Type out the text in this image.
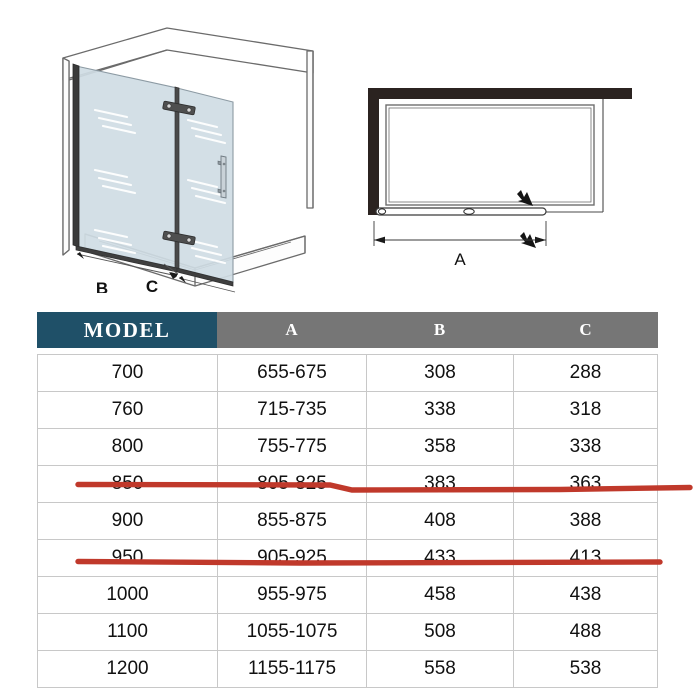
B C
A
MODEL	A	B	C
700	655-675	308	288
760	715-735	338	318
800	755-775	358	338
850	805-825	383	363
900	855-875	408	388
950	905-925	433	413
1000	955-975	458	438
1100	1055-1075	508	488
1200	1155-1175	558	538
